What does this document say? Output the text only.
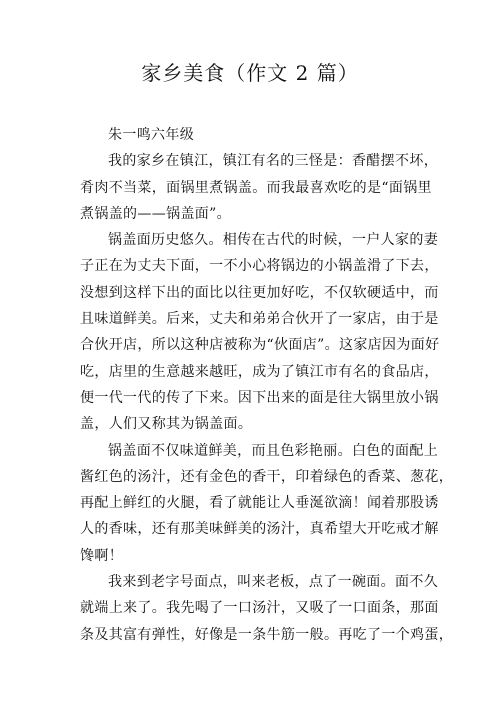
家乡美食（作文 2 篇）
朱一鸣六年级
我的家乡在镇江，镇江有名的三怪是：香醋摆不坏，
肴肉不当菜，面锅里煮锅盖。而我最喜欢吃的是“面锅里
煮锅盖的——锅盖面”。
锅盖面历史悠久。相传在古代的时候，一户人家的妻
子正在为丈夫下面，一不小心将锅边的小锅盖滑了下去，
没想到这样下出的面比以往更加好吃，不仅软硬适中，而
且味道鲜美。后来，丈夫和弟弟合伙开了一家店，由于是
合伙开店，所以这种店被称为“伙面店”。这家店因为面好
吃，店里的生意越来越旺，成为了镇江市有名的食品店，
便一代一代的传了下来。因下出来的面是往大锅里放小锅
盖，人们又称其为锅盖面。
锅盖面不仅味道鲜美，而且色彩艳丽。白色的面配上
酱红色的汤汁，还有金色的香干，印着绿色的香菜、葱花，
再配上鲜红的火腿，看了就能让人垂涎欲滴！闻着那股诱
人的香味，还有那美味鲜美的汤汁，真希望大开吃戒才解
馋啊！
我来到老字号面点，叫来老板，点了一碗面。面不久
就端上来了。我先喝了一口汤汁，又吸了一口面条，那面
条及其富有弹性，好像是一条牛筋一般。再吃了一个鸡蛋，
